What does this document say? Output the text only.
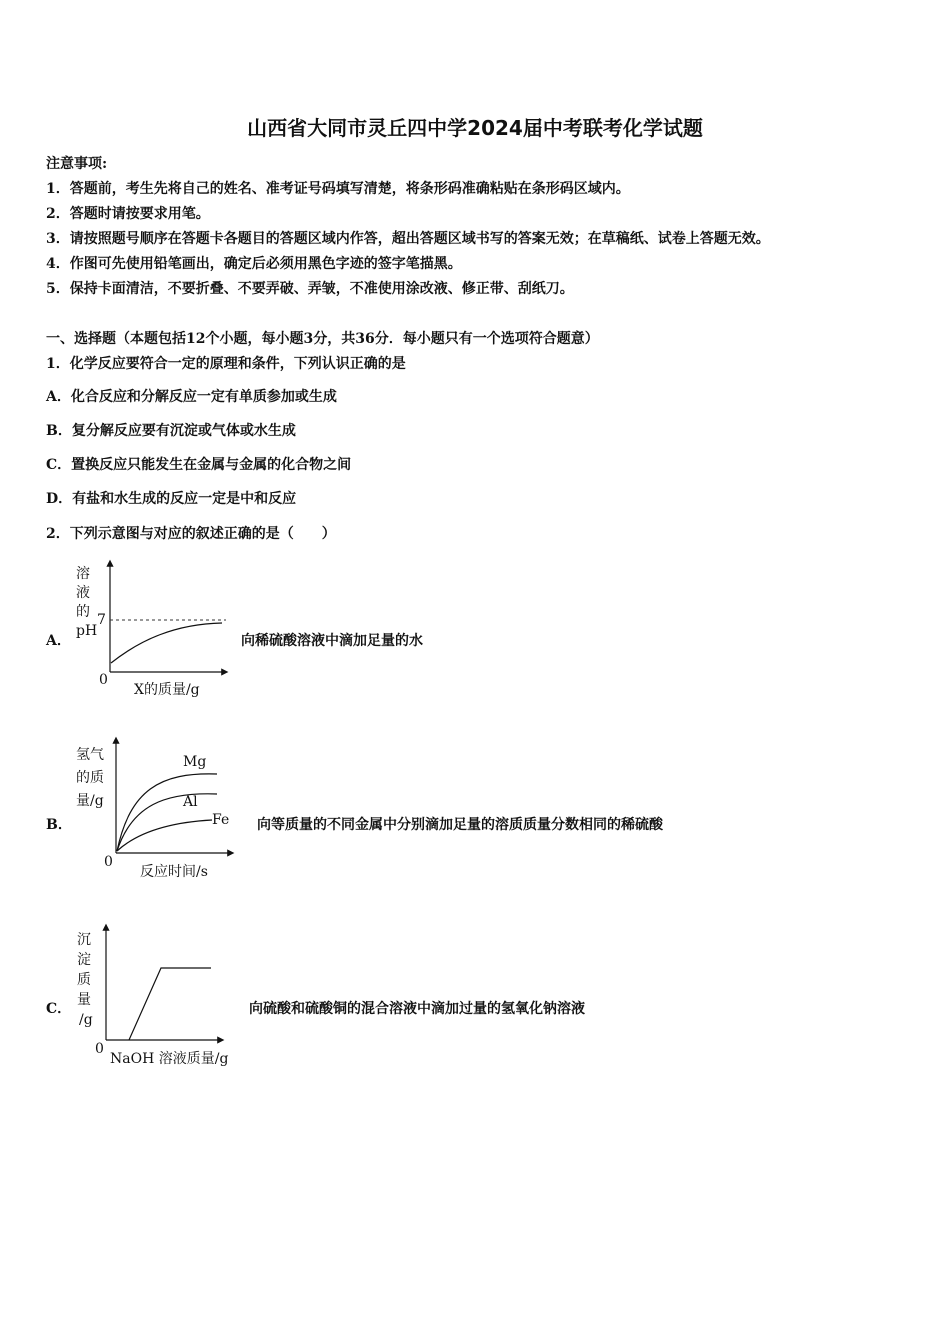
山西省大同市灵丘四中学2024届中考联考化学试题
注意事项:
1．答题前，考生先将自己的姓名、准考证号码填写清楚，将条形码准确粘贴在条形码区域内。
2．答题时请按要求用笔。
3．请按照题号顺序在答题卡各题目的答题区域内作答，超出答题区域书写的答案无效；在草稿纸、试卷上答题无效。
4．作图可先使用铅笔画出，确定后必须用黑色字迹的签字笔描黑。
5．保持卡面清洁，不要折叠、不要弄破、弄皱，不准使用涂改液、修正带、刮纸刀。
一、选择题（本题包括12个小题，每小题3分，共36分．每小题只有一个选项符合题意）
1．化学反应要符合一定的原理和条件，下列认识正确的是
A．化合反应和分解反应一定有单质参加或生成
B．复分解反应要有沉淀或气体或水生成
C．置换反应只能发生在金属与金属的化合物之间
D．有盐和水生成的反应一定是中和反应
2．下列示意图与对应的叙述正确的是（　　）
A．
溶
液
的
pH
7
0
X的质量/g
向稀硫酸溶液中滴加足量的水
B．
Mg
Al
Fe
氢气
的质
量/g
0
反应时间/s
向等质量的不同金属中分别滴加足量的溶质质量分数相同的稀硫酸
C．
沉
淀
质
量
/g
0
NaOH 溶液质量/g
向硫酸和硫酸铜的混合溶液中滴加过量的氢氧化钠溶液
